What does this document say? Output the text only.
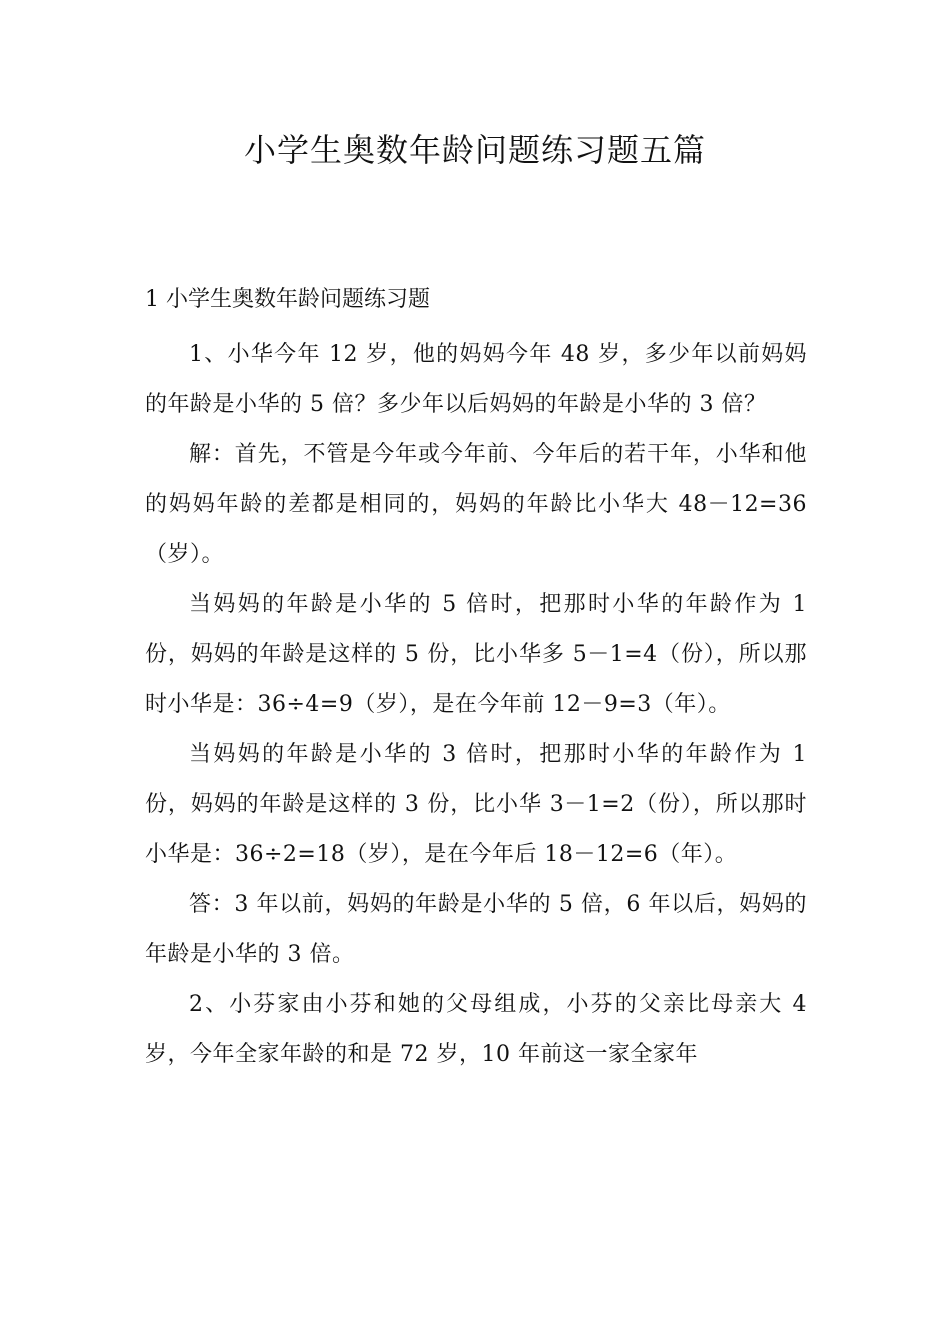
小学生奥数年龄问题练习题五篇

1 小学生奥数年龄问题练习题

1、小华今年 12 岁，他的妈妈今年 48 岁，多少年以前妈妈的年龄是小华的 5 倍？多少年以后妈妈的年龄是小华的 3 倍？

解：首先，不管是今年或今年前、今年后的若干年，小华和他的妈妈年龄的差都是相同的，妈妈的年龄比小华大 48－12=36（岁）。

当妈妈的年龄是小华的 5 倍时，把那时小华的年龄作为 1 份，妈妈的年龄是这样的 5 份，比小华多 5－1=4（份），所以那时小华是：36÷4=9（岁），是在今年前 12－9=3（年）。

当妈妈的年龄是小华的 3 倍时，把那时小华的年龄作为 1 份，妈妈的年龄是这样的 3 份，比小华 3－1=2（份），所以那时小华是：36÷2=18（岁），是在今年后 18－12=6（年）。

答：3 年以前，妈妈的年龄是小华的 5 倍，6 年以后，妈妈的年龄是小华的 3 倍。

2、小芬家由小芬和她的父母组成，小芬的父亲比母亲大 4 岁，今年全家年龄的和是 72 岁，10 年前这一家全家年
